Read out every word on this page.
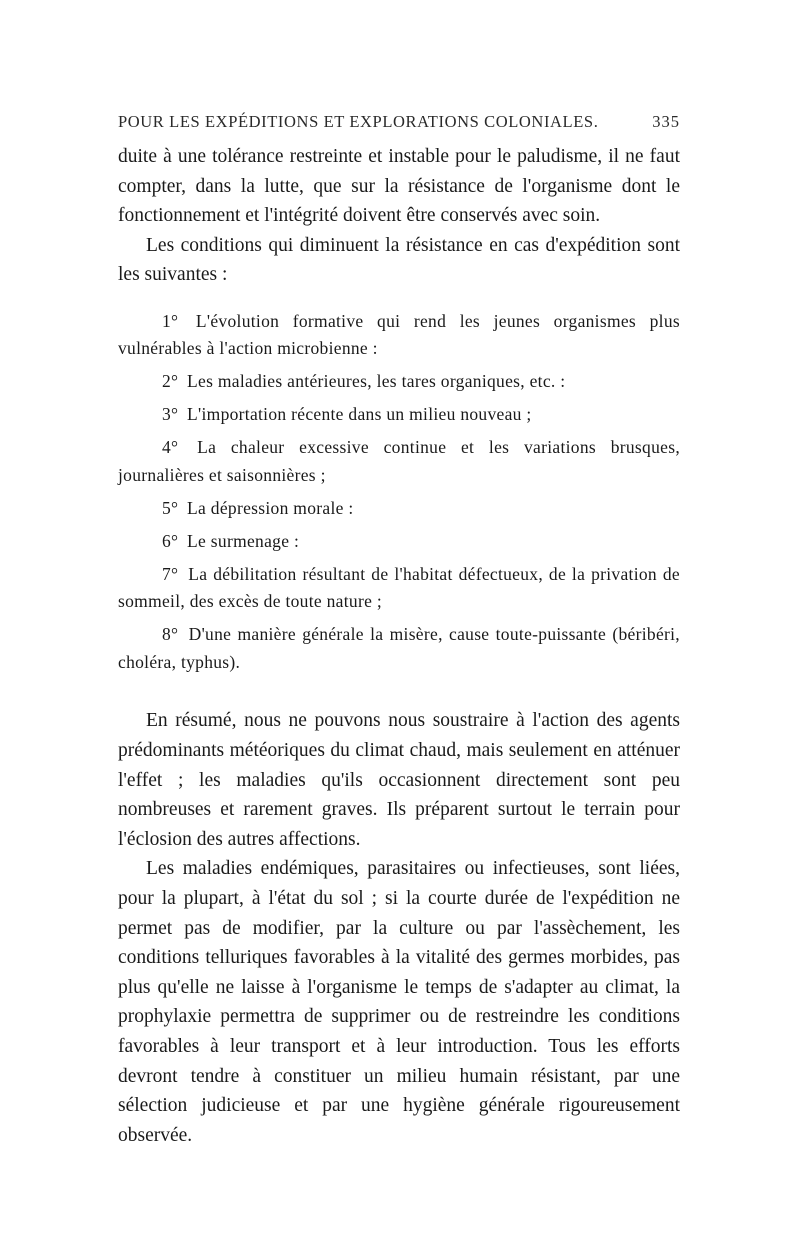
POUR LES EXPÉDITIONS ET EXPLORATIONS COLONIALES.	335

duite à une tolérance restreinte et instable pour le paludisme, il ne faut compter, dans la lutte, que sur la résistance de l'organisme dont le fonctionnement et l'intégrité doivent être conservés avec soin.

Les conditions qui diminuent la résistance en cas d'expédition sont les suivantes :

1° L'évolution formative qui rend les jeunes organismes plus vulnérables à l'action microbienne :

2° Les maladies antérieures, les tares organiques, etc. :

3° L'importation récente dans un milieu nouveau ;

4° La chaleur excessive continue et les variations brusques, journalières et saisonnières ;

5° La dépression morale :

6° Le surmenage :

7° La débilitation résultant de l'habitat défectueux, de la privation de sommeil, des excès de toute nature ;

8° D'une manière générale la misère, cause toute-puissante (béribéri, choléra, typhus).

En résumé, nous ne pouvons nous soustraire à l'action des agents prédominants météoriques du climat chaud, mais seulement en atténuer l'effet ; les maladies qu'ils occasionnent directement sont peu nombreuses et rarement graves. Ils préparent surtout le terrain pour l'éclosion des autres affections.

Les maladies endémiques, parasitaires ou infectieuses, sont liées, pour la plupart, à l'état du sol ; si la courte durée de l'expédition ne permet pas de modifier, par la culture ou par l'assèchement, les conditions telluriques favorables à la vitalité des germes morbides, pas plus qu'elle ne laisse à l'organisme le temps de s'adapter au climat, la prophylaxie permettra de supprimer ou de restreindre les conditions favorables à leur transport et à leur introduction. Tous les efforts devront tendre à constituer un milieu humain résistant, par une sélection judicieuse et par une hygiène générale rigoureusement observée.
